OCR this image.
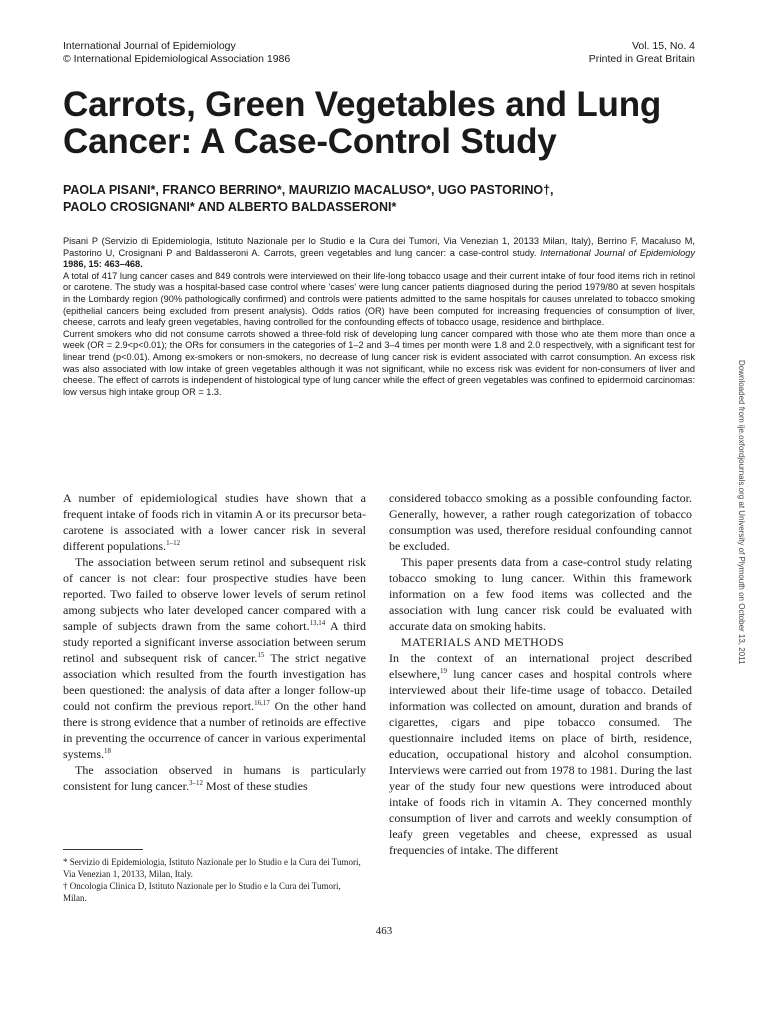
International Journal of Epidemiology
© International Epidemiological Association 1986
Vol. 15, No. 4
Printed in Great Britain
Carrots, Green Vegetables and Lung
Cancer: A Case-Control Study
PAOLA PISANI*, FRANCO BERRINO*, MAURIZIO MACALUSO*, UGO PASTORINO†,
PAOLO CROSIGNANI* AND ALBERTO BALDASSERONI*

Pisani P (Servizio di Epidemiologia, Istituto Nazionale per lo Studio e la Cura dei Tumori, Via Venezian 1, 20133 Milan, Italy), Berrino F, Macaluso M, Pastorino U, Crosignani P and Baldasseroni A. Carrots, green vegetables and lung cancer: a case-control study. International Journal of Epidemiology 1986, 15: 463–468.

A total of 417 lung cancer cases and 849 controls were interviewed on their life-long tobacco usage and their current intake of four food items rich in retinol or carotene. The study was a hospital-based case control where 'cases' were lung cancer patients diagnosed during the period 1979/80 at seven hospitals in the Lombardy region (90% pathologically confirmed) and controls were patients admitted to the same hospitals for causes unrelated to tobacco smoking (epithelial cancers being excluded from present analysis). Odds ratios (OR) have been computed for increasing frequencies of consumption of liver, cheese, carrots and leafy green vegetables, having controlled for the confounding effects of tobacco usage, residence and birthplace.

Current smokers who did not consume carrots showed a three-fold risk of developing lung cancer compared with those who ate them more than once a week (OR = 2.9<p<0.01); the ORs for consumers in the categories of 1–2 and 3–4 times per month were 1.8 and 2.0 respectively, with a significant test for linear trend (p<0.01). Among ex-smokers or non-smokers, no decrease of lung cancer risk is evident associated with carrot consumption. An excess risk was also associated with low intake of green vegetables although it was not significant, while no excess risk was evident for non-consumers of liver and cheese. The effect of carrots is independent of histological type of lung cancer while the effect of green vegetables was confined to epidermoid carcinomas: low versus high intake group OR = 1.3.

A number of epidemiological studies have shown that a frequent intake of foods rich in vitamin A or its precursor beta-carotene is associated with a lower cancer risk in several different populations.$^{1-12}$

The association between serum retinol and subsequent risk of cancer is not clear: four prospective studies have been reported. Two failed to observe lower levels of serum retinol among subjects who later developed cancer compared with a sample of subjects drawn from the same cohort.$^{13,14}$ A third study reported a significant inverse association between serum retinol and subsequent risk of cancer.$^{15}$ The strict negative association which resulted from the fourth investigation has been questioned: the analysis of data after a longer follow-up could not confirm the previous report.$^{16,17}$ On the other hand there is strong evidence that a number of retinoids are effective in preventing the occurrence of cancer in various experimental systems.$^{18}$

The association observed in humans is particularly consistent for lung cancer.$^{3-12}$ Most of these studies

considered tobacco smoking as a possible confounding factor. Generally, however, a rather rough categorization of tobacco consumption was used, therefore residual confounding cannot be excluded.

This paper presents data from a case-control study relating tobacco smoking to lung cancer. Within this framework information on a few food items was collected and the association with lung cancer risk could be evaluated with accurate data on smoking habits.

MATERIALS AND METHODS

In the context of an international project described elsewhere,$^{19}$ lung cancer cases and hospital controls where interviewed about their life-time usage of tobacco. Detailed information was collected on amount, duration and brands of cigarettes, cigars and pipe tobacco consumed. The questionnaire included items on place of birth, residence, education, occupational history and alcohol consumption. Interviews were carried out from 1978 to 1981. During the last year of the study four new questions were introduced about intake of foods rich in vitamin A. They concerned monthly consumption of liver and carrots and weekly consumption of leafy green vegetables and cheese, expressed as usual frequencies of intake. The different

* Servizio di Epidemiologia, Istituto Nazionale per lo Studio e la Cura dei Tumori, Via Venezian 1, 20133, Milan, Italy.

† Oncologia Clinica D, Istituto Nazionale per lo Studio e la Cura dei Tumori, Milan.

463
Downloaded from ije.oxfordjournals.org at University of Plymouth on October 13, 2011
